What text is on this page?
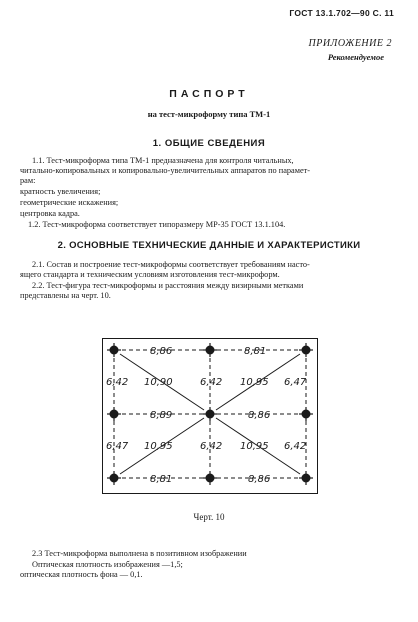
ГОСТ 13.1.702—90 С. 11
ПРИЛОЖЕНИЕ 2
Рекомендуемое
ПАСПОРТ
на тест-микроформу типа ТМ-1
1. ОБЩИЕ СВЕДЕНИЯ
1.1. Тест-микроформа типа ТМ-1 предназначена для контроля читальных,
читально-копировальных и копировально-увеличительных аппаратов по парамет-
рам:
кратность увеличения;
геометрические искажения;
центровка кадра.
1.2. Тест-микроформа соответствует типоразмеру МР-35 ГОСТ 13.1.104.
2. ОСНОВНЫЕ ТЕХНИЧЕСКИЕ ДАННЫЕ И ХАРАКТЕРИСТИКИ
2.1. Состав и построение тест-микроформы соответствует требованиям насто-
ящего стандарта и техническим условиям изготовления тест-микроформ.
2.2. Тест-фигура тест-микроформы и расстояния между визирными метками
представлены на черт. 10.
8,86	8,81
6,42 10,90	6,42 10,95 6,47
8,89	8,86
6,47 10,95	6,42 10,95 6,42
8,81	8,86
Черт. 10
2.3 Тест-микроформа выполнена в позитивном изображении
Оптическая плотность изображения —1,5;
оптическая плотность фона — 0,1.
